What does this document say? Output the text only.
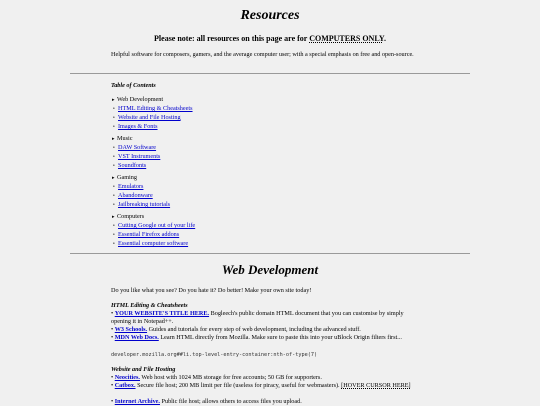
Resources

Please note: all resources on this page are for COMPUTERS ONLY.

Helpful software for composers, gamers, and the average computer user; with a special emphasis on free and open-source.

Table of Contents

▸ Web Development
• HTML Editing & Cheatsheets
• Website and File Hosting
• Images & Fonts
▸ Music
• DAW Software
• VST Instruments
• Soundfonts
▸ Gaming
• Emulators
• Abandonware
• Jailbreaking tutorials
▸ Computers
• Cutting Google out of your life
• Essential Firefox addons
• Essential computer software
Web Development

Do you like what you see? Do you hate it? Do better! Make your own site today!

HTML Editing & Cheatsheets

• YOUR WEBSITE'S TITLE HERE. Bogleech's public domain HTML document that you can customise by simply opening it in Notepad++.

• W3 Schools. Guides and tutorials for every step of web development, including the advanced stuff.

• MDN Web Docs. Learn HTML directly from Mozilla. Make sure to paste this into your uBlock Origin filters first...

developer.mozilla.org##li.top-level-entry-container:nth-of-type(7)

Website and File Hosting

• Neocities. Web host with 1024 MB storage for free accounts; 50 GB for supporters.

• Catbox. Secure file host; 200 MB limit per file (useless for piracy, useful for webmasters). [HOVER CURSOR HERE]

• Internet Archive. Public file host; allows others to access files you upload.
